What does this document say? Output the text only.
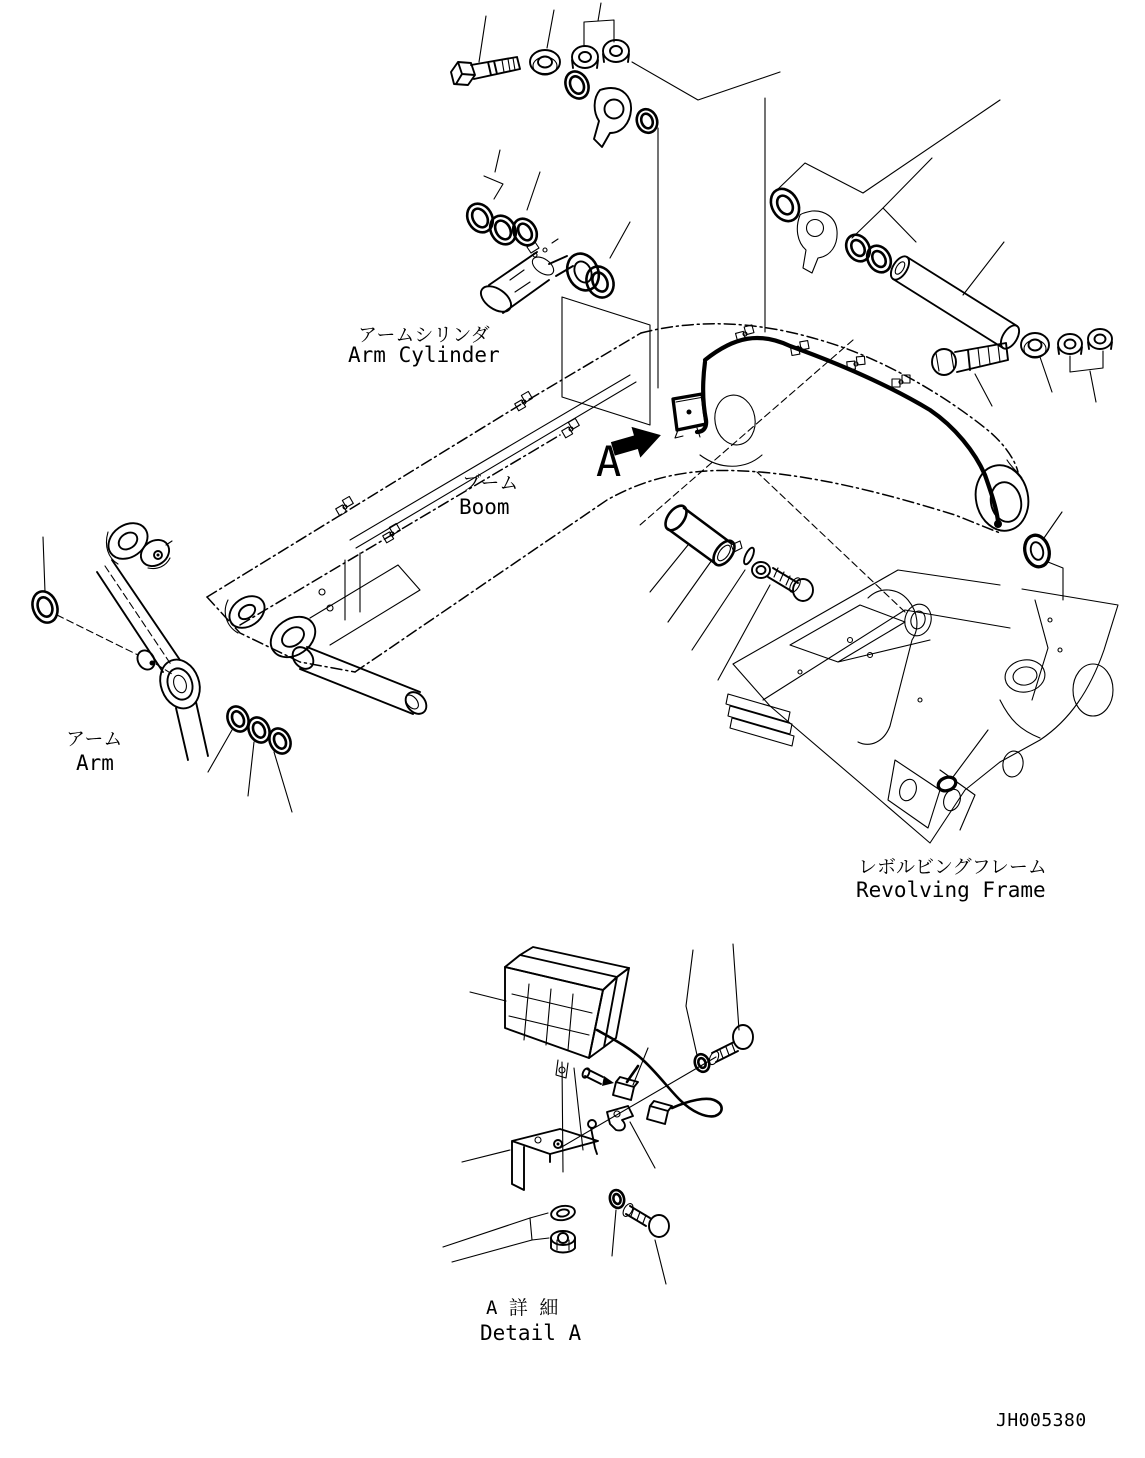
アームシリンダ
Arm Cylinder
A
ブーム
Boom
アーム
Arm
レボルビングフレーム
Revolving Frame
A 詳 細
Detail A
JH005380
